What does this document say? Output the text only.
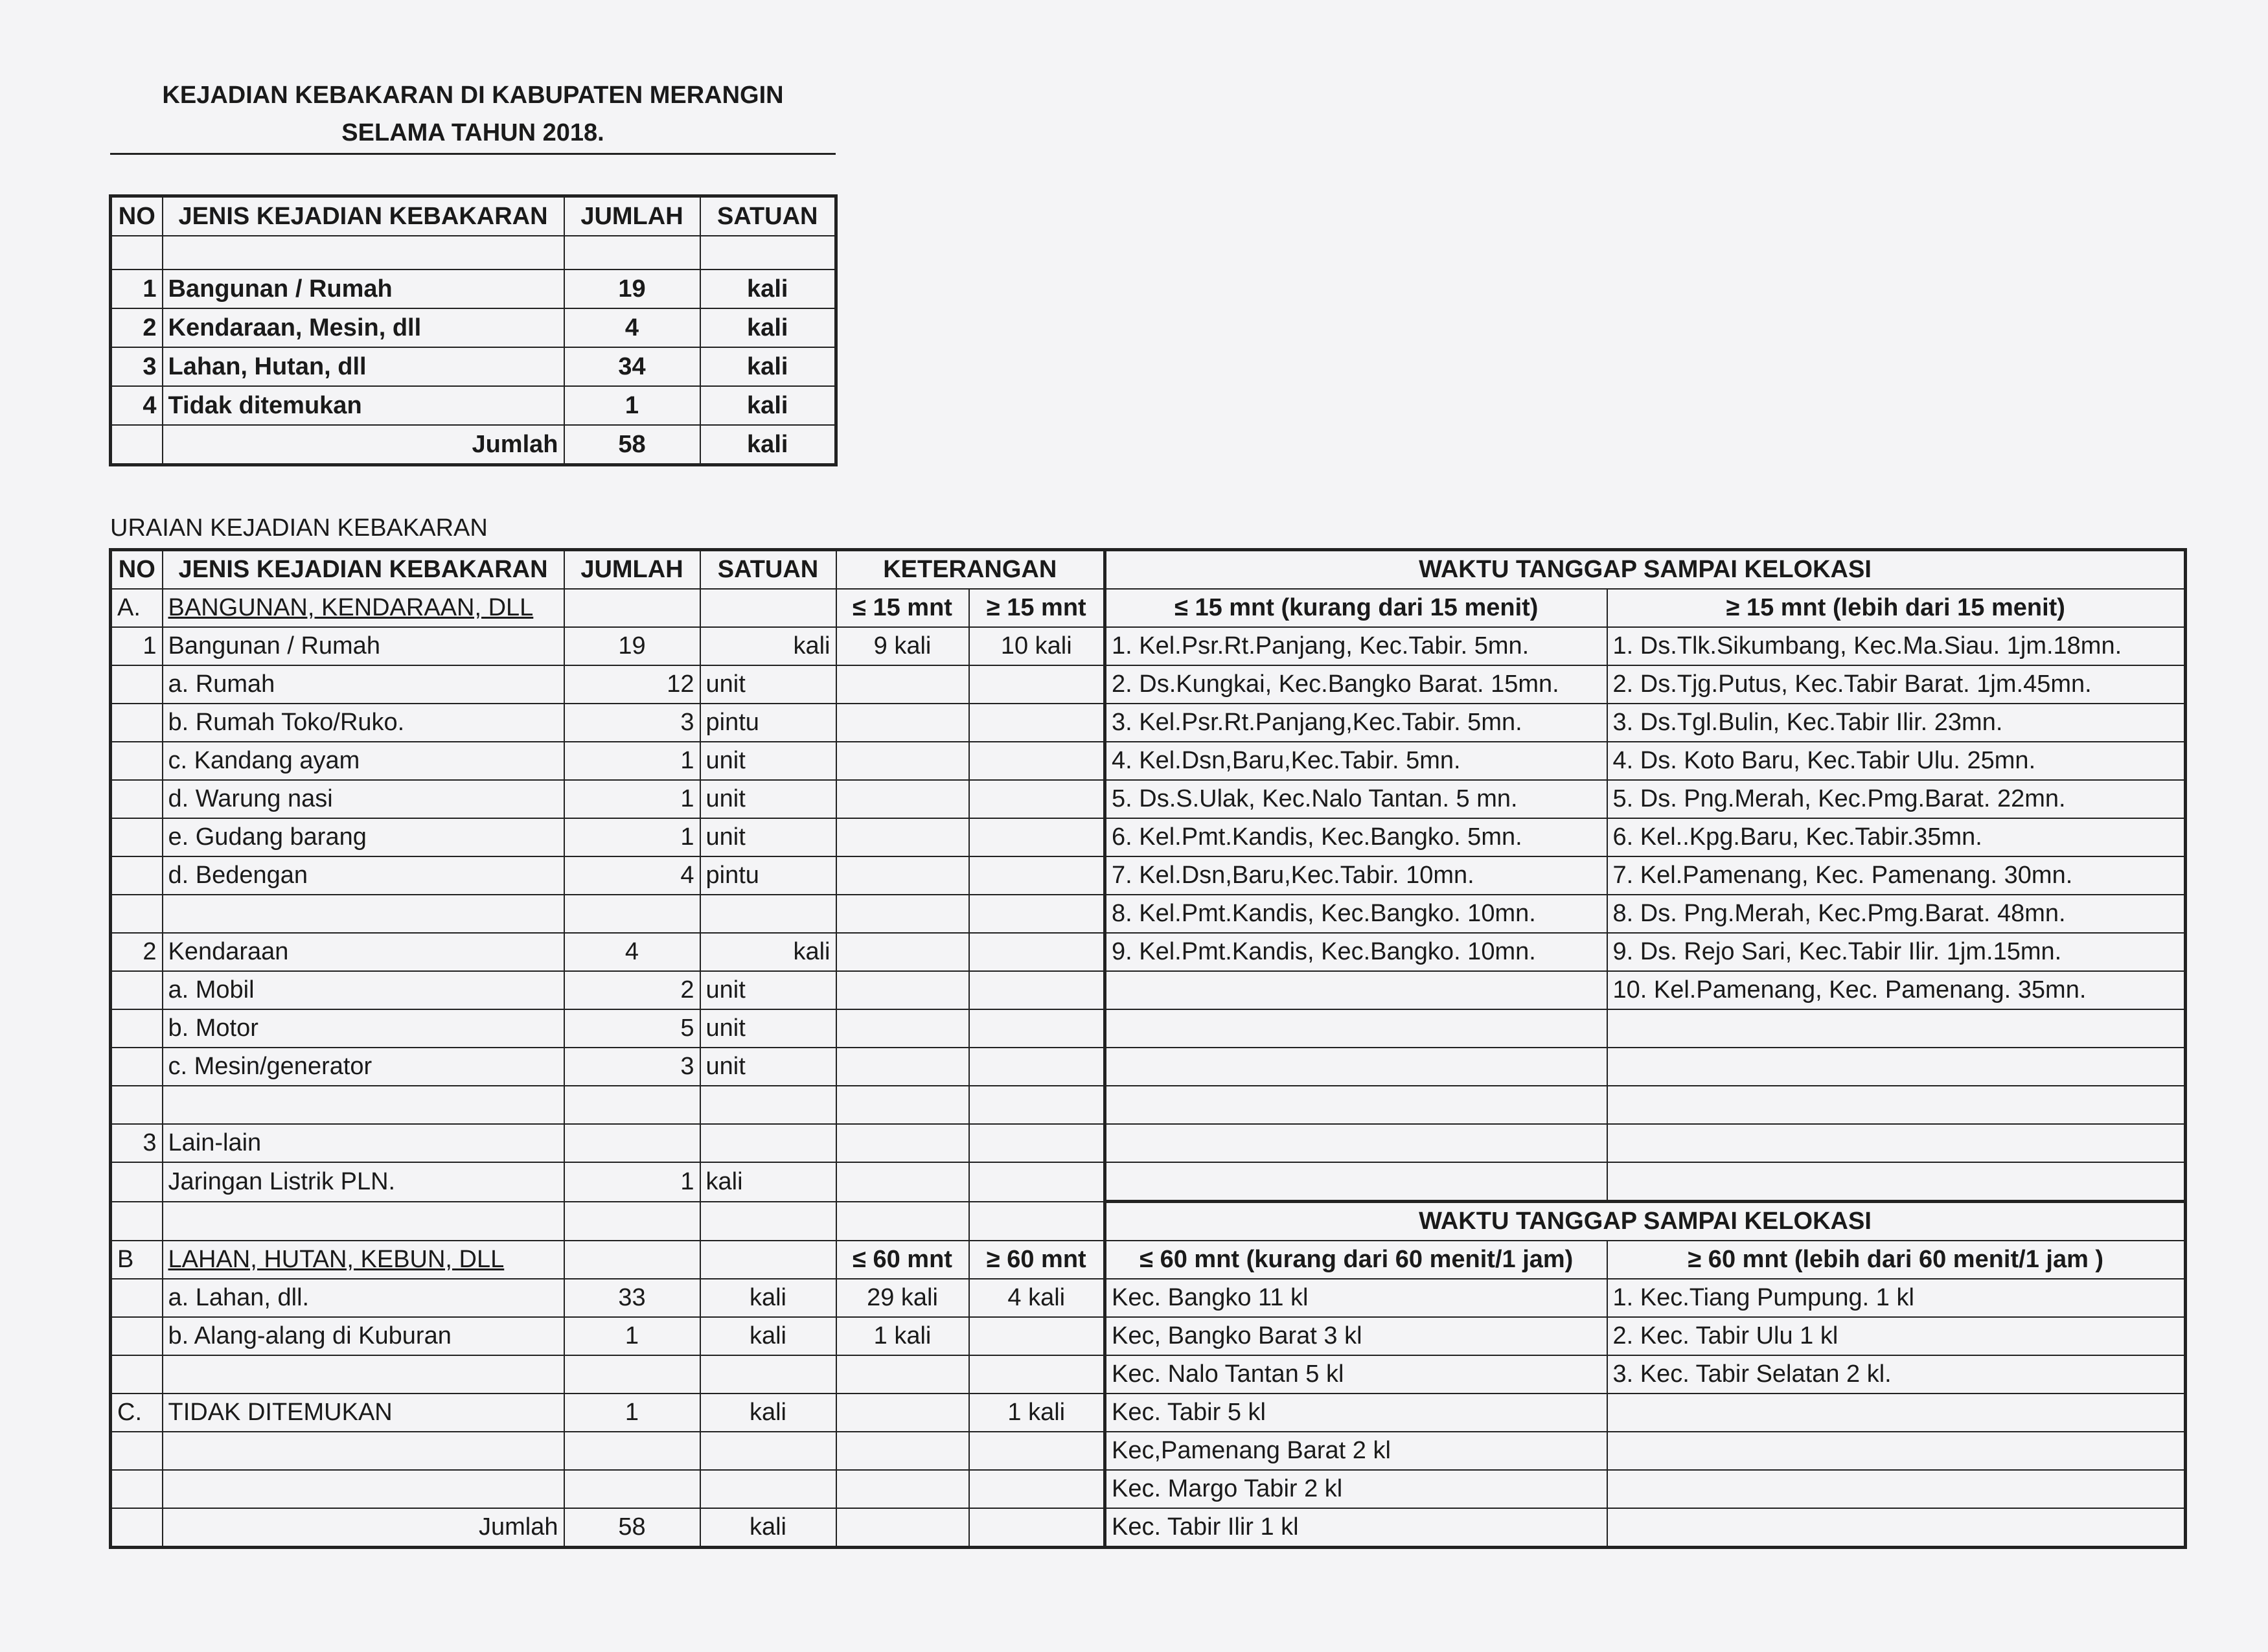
KEJADIAN KEBAKARAN DI KABUPATEN MERANGIN
SELAMA TAHUN 2018.
NO	JENIS KEJADIAN KEBAKARAN	JUMLAH	SATUAN

1	Bangunan / Rumah	19	kali
2	Kendaraan, Mesin, dll	4	kali
3	Lahan, Hutan, dll	34	kali
4	Tidak ditemukan	1	kali
	Jumlah	58	kali
URAIAN KEJADIAN KEBAKARAN
NO	JENIS KEJADIAN KEBAKARAN	JUMLAH	SATUAN	KETERANGAN		WAKTU TANGGAP SAMPAI KELOKASI	
A.	BANGUNAN, KENDARAAN, DLL			≤ 15 mnt	≥ 15 mnt	≤ 15 mnt (kurang dari 15 menit)	≥ 15 mnt (lebih dari 15 menit)
1	Bangunan / Rumah	19	kali	9 kali	10 kali	1. Kel.Psr.Rt.Panjang, Kec.Tabir. 5mn.	1. Ds.Tlk.Sikumbang, Kec.Ma.Siau. 1jm.18mn.
	a. Rumah	12	unit			2. Ds.Kungkai, Kec.Bangko Barat. 15mn.	2. Ds.Tjg.Putus, Kec.Tabir Barat. 1jm.45mn.
	b. Rumah Toko/Ruko.	3	pintu			3. Kel.Psr.Rt.Panjang,Kec.Tabir. 5mn.	3. Ds.Tgl.Bulin, Kec.Tabir Ilir. 23mn.
	c. Kandang ayam	1	unit			4. Kel.Dsn,Baru,Kec.Tabir. 5mn.	4. Ds. Koto Baru, Kec.Tabir Ulu. 25mn.
	d. Warung nasi	1	unit			5. Ds.S.Ulak, Kec.Nalo Tantan. 5 mn.	5. Ds. Png.Merah, Kec.Pmg.Barat. 22mn.
	e. Gudang barang	1	unit			6. Kel.Pmt.Kandis, Kec.Bangko. 5mn.	6. Kel..Kpg.Baru, Kec.Tabir.35mn.
	d. Bedengan	4	pintu			7. Kel.Dsn,Baru,Kec.Tabir. 10mn.	7. Kel.Pamenang, Kec. Pamenang. 30mn.
						8. Kel.Pmt.Kandis, Kec.Bangko. 10mn.	8. Ds. Png.Merah, Kec.Pmg.Barat. 48mn.
2	Kendaraan	4	kali			9. Kel.Pmt.Kandis, Kec.Bangko. 10mn.	9. Ds. Rejo Sari, Kec.Tabir Ilir. 1jm.15mn.
	a. Mobil	2	unit				10. Kel.Pamenang, Kec. Pamenang. 35mn.
	b. Motor	5	unit				
	c. Mesin/generator	3	unit				

3	Lain-lain						
	Jaringan Listrik PLN.	1	kali				
						WAKTU TANGGAP SAMPAI KELOKASI	
B	LAHAN, HUTAN, KEBUN, DLL			≤ 60 mnt	≥ 60 mnt	≤ 60 mnt (kurang dari 60 menit/1 jam)	≥ 60 mnt (lebih dari 60 menit/1 jam )
	a. Lahan, dll.	33	kali	29 kali	4 kali	Kec. Bangko 11 kl	1. Kec.Tiang Pumpung. 1 kl
	b. Alang-alang di Kuburan	1	kali	1 kali		Kec, Bangko Barat 3 kl	2. Kec. Tabir Ulu 1 kl
						Kec. Nalo Tantan 5 kl	3. Kec. Tabir Selatan 2 kl.
C.	TIDAK DITEMUKAN	1	kali		1 kali	Kec. Tabir 5 kl	
						Kec,Pamenang Barat 2 kl	
						Kec. Margo Tabir 2 kl	
	Jumlah	58	kali			Kec. Tabir Ilir 1 kl	
